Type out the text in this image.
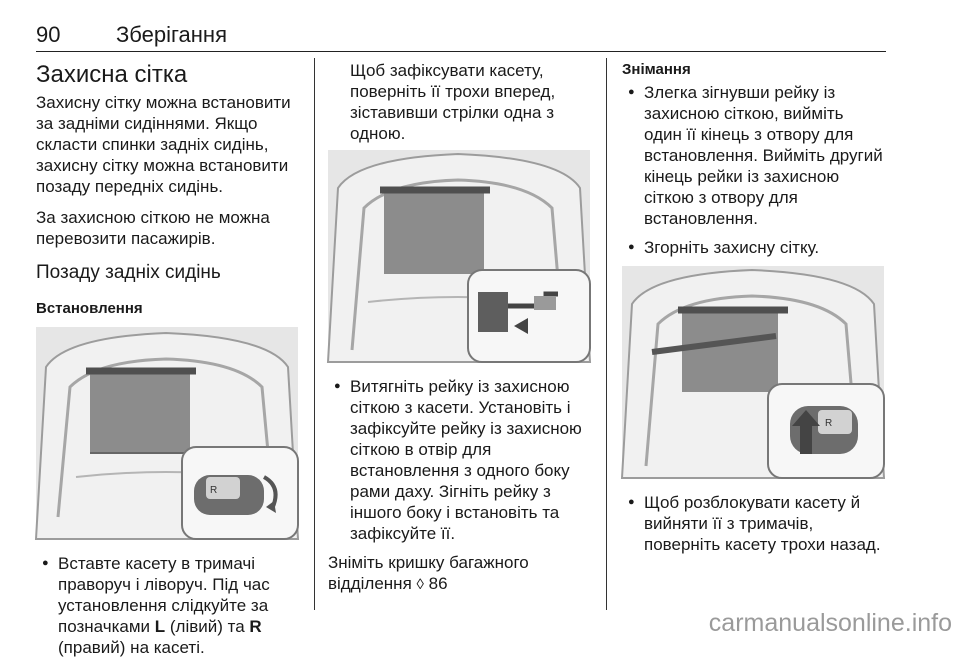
90	Зберігання
Захисна сітка

Захисну сітку можна встановити за задніми сидіннями. Якщо скласти спинки задніх сидінь, захисну сітку можна встановити позаду передніх сидінь.

За захисною сіткою не можна перевозити пасажирів.

Позаду задніх сидінь
Встановлення
R
● Вставте касету в тримачі праворуч і ліворуч. Під час установлення слідкуйте за позначками L (лівий) та R (правий) на касеті.

Щоб зафіксувати касету, поверніть її трохи вперед, зіставивши стрілки одна з одною.

● Витягніть рейку із захисною сіткою з касети. Установіть і зафіксуйте рейку із захисною сіткою в отвір для встановлення з одного боку рами даху. Зігніть рейку з іншого боку і встановіть та зафіксуйте її.

Зніміть кришку багажного відділення ◊ 86

Знімання
● Злегка зігнувши рейку із захисною сіткою, вийміть один її кінець з отвору для встановлення. Вийміть другий кінець рейки із захисною сіткою з отвору для встановлення.
● Згорніть захисну сітку.
R
● Щоб розблокувати касету й вийняти її з тримачів, поверніть касету трохи назад.
carmanualsonline.info
